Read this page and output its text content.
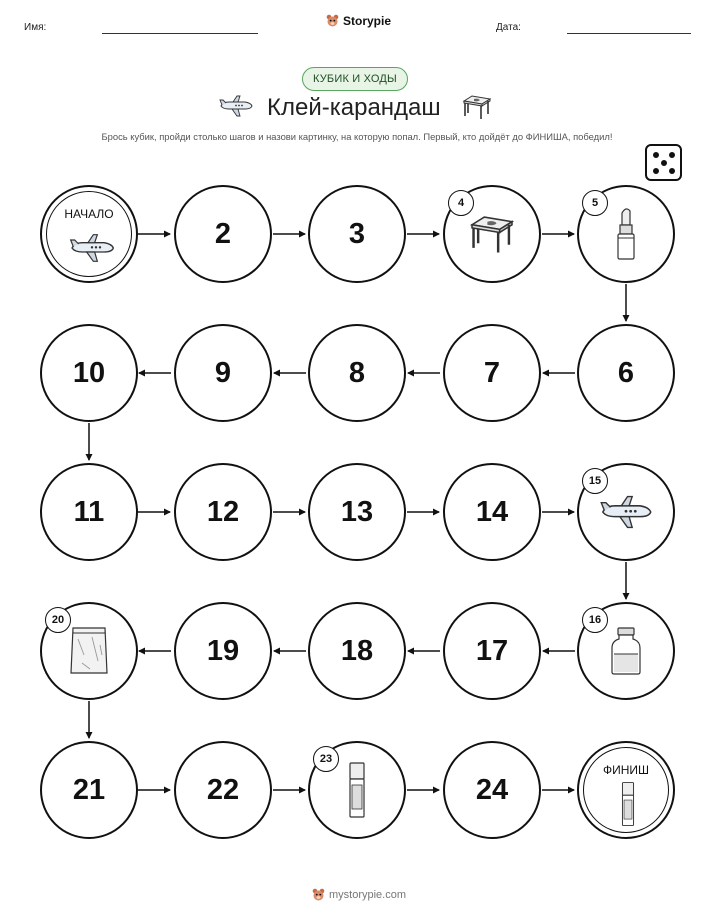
Имя:	Storypie	Дата:
КУБИК И ХОДЫ
Клей-карандаш
Брось кубик, пройди столько шагов и назови картинку, на которую попал. Первый, кто дойдёт до ФИНИША, победил!
НАЧАЛО
2	3
4	5
10	9	8	7	6
11	12	13	14
15
20
19	18	17
16
21	22
23
24
ФИНИШ
mystorypie.com
